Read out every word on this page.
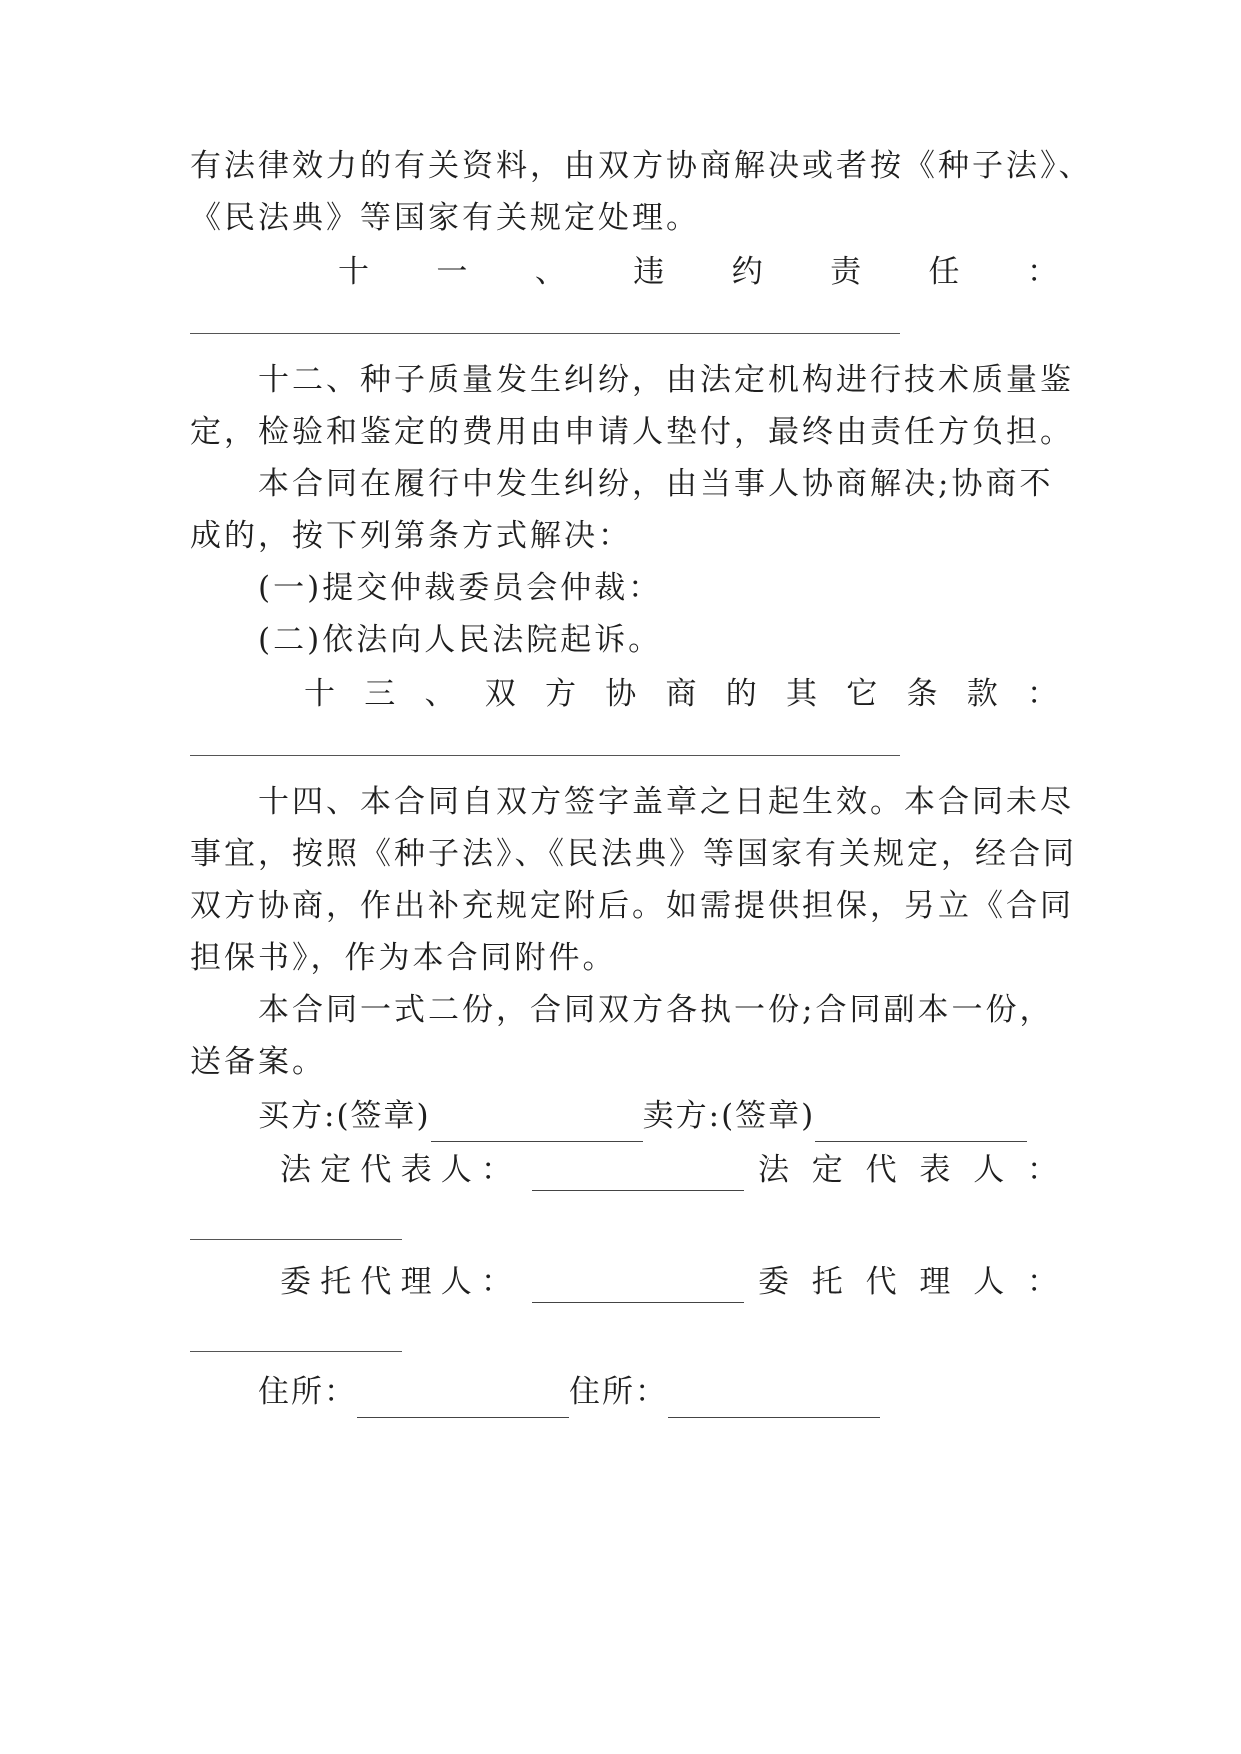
有法律效力的有关资料，由双方协商解决或者按《种子法》、
《民法典》等国家有关规定处理。
十 一 、 违 约 责 任 ：
十二、种子质量发生纠纷，由法定机构进行技术质量鉴
定，检验和鉴定的费用由申请人垫付，最终由责任方负担。
本合同在履行中发生纠纷，由当事人协商解决;协商不
成的，按下列第条方式解决：
(一)提交仲裁委员会仲裁：
(二)依法向人民法院起诉。
十 三 、 双 方 协 商 的 其 它 条 款 ：
十四、本合同自双方签字盖章之日起生效。本合同未尽
事宜，按照《种子法》、《民法典》等国家有关规定，经合同
双方协商，作出补充规定附后。如需提供担保，另立《合同
担保书》，作为本合同附件。
本合同一式二份，合同双方各执一份;合同副本一份，
送备案。
买方:(签章)	卖方:(签章)
法 定 代 表 人 ：	法 定 代 表 人 ：
委 托 代 理 人 ：	委 托 代 理 人 ：
住所：	住所：
